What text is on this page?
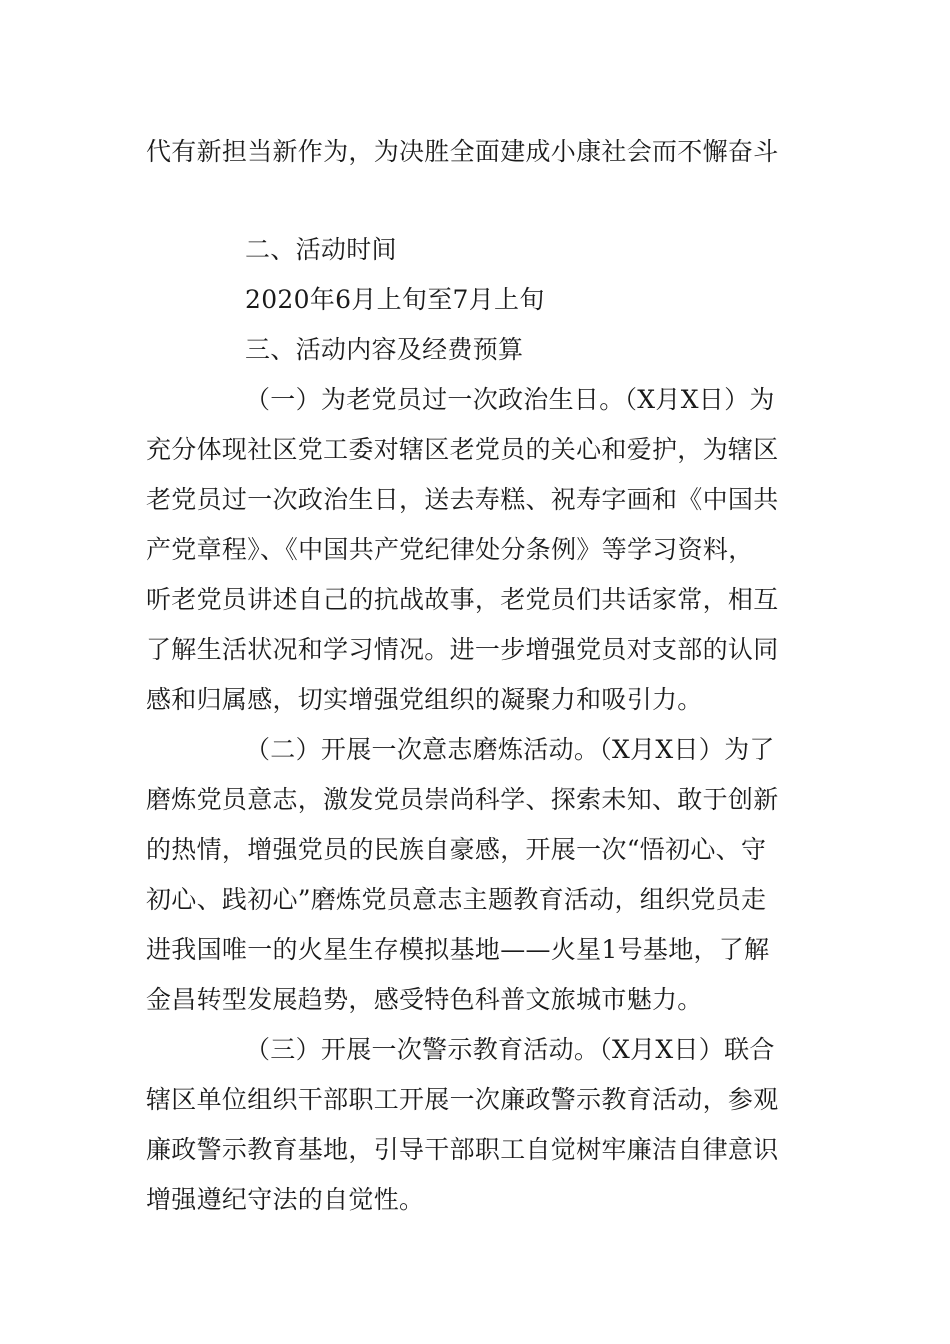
代有新担当新作为，为决胜全面建成小康社会而不懈奋斗
二、活动时间
2020年6月上旬至7月上旬
三、活动内容及经费预算
（一）为老党员过一次政治生日。（X月X日）为
充分体现社区党工委对辖区老党员的关心和爱护，为辖区
老党员过一次政治生日，送去寿糕、祝寿字画和《中国共
产党章程》、《中国共产党纪律处分条例》等学习资料，
听老党员讲述自己的抗战故事，老党员们共话家常，相互
了解生活状况和学习情况。进一步增强党员对支部的认同
感和归属感，切实增强党组织的凝聚力和吸引力。
（二）开展一次意志磨炼活动。（X月X日）为了
磨炼党员意志，激发党员崇尚科学、探索未知、敢于创新
的热情，增强党员的民族自豪感，开展一次“悟初心、守
初心、践初心”磨炼党员意志主题教育活动，组织党员走
进我国唯一的火星生存模拟基地——火星1号基地，了解
金昌转型发展趋势，感受特色科普文旅城市魅力。
（三）开展一次警示教育活动。（X月X日）联合
辖区单位组织干部职工开展一次廉政警示教育活动，参观
廉政警示教育基地，引导干部职工自觉树牢廉洁自律意识
增强遵纪守法的自觉性。
